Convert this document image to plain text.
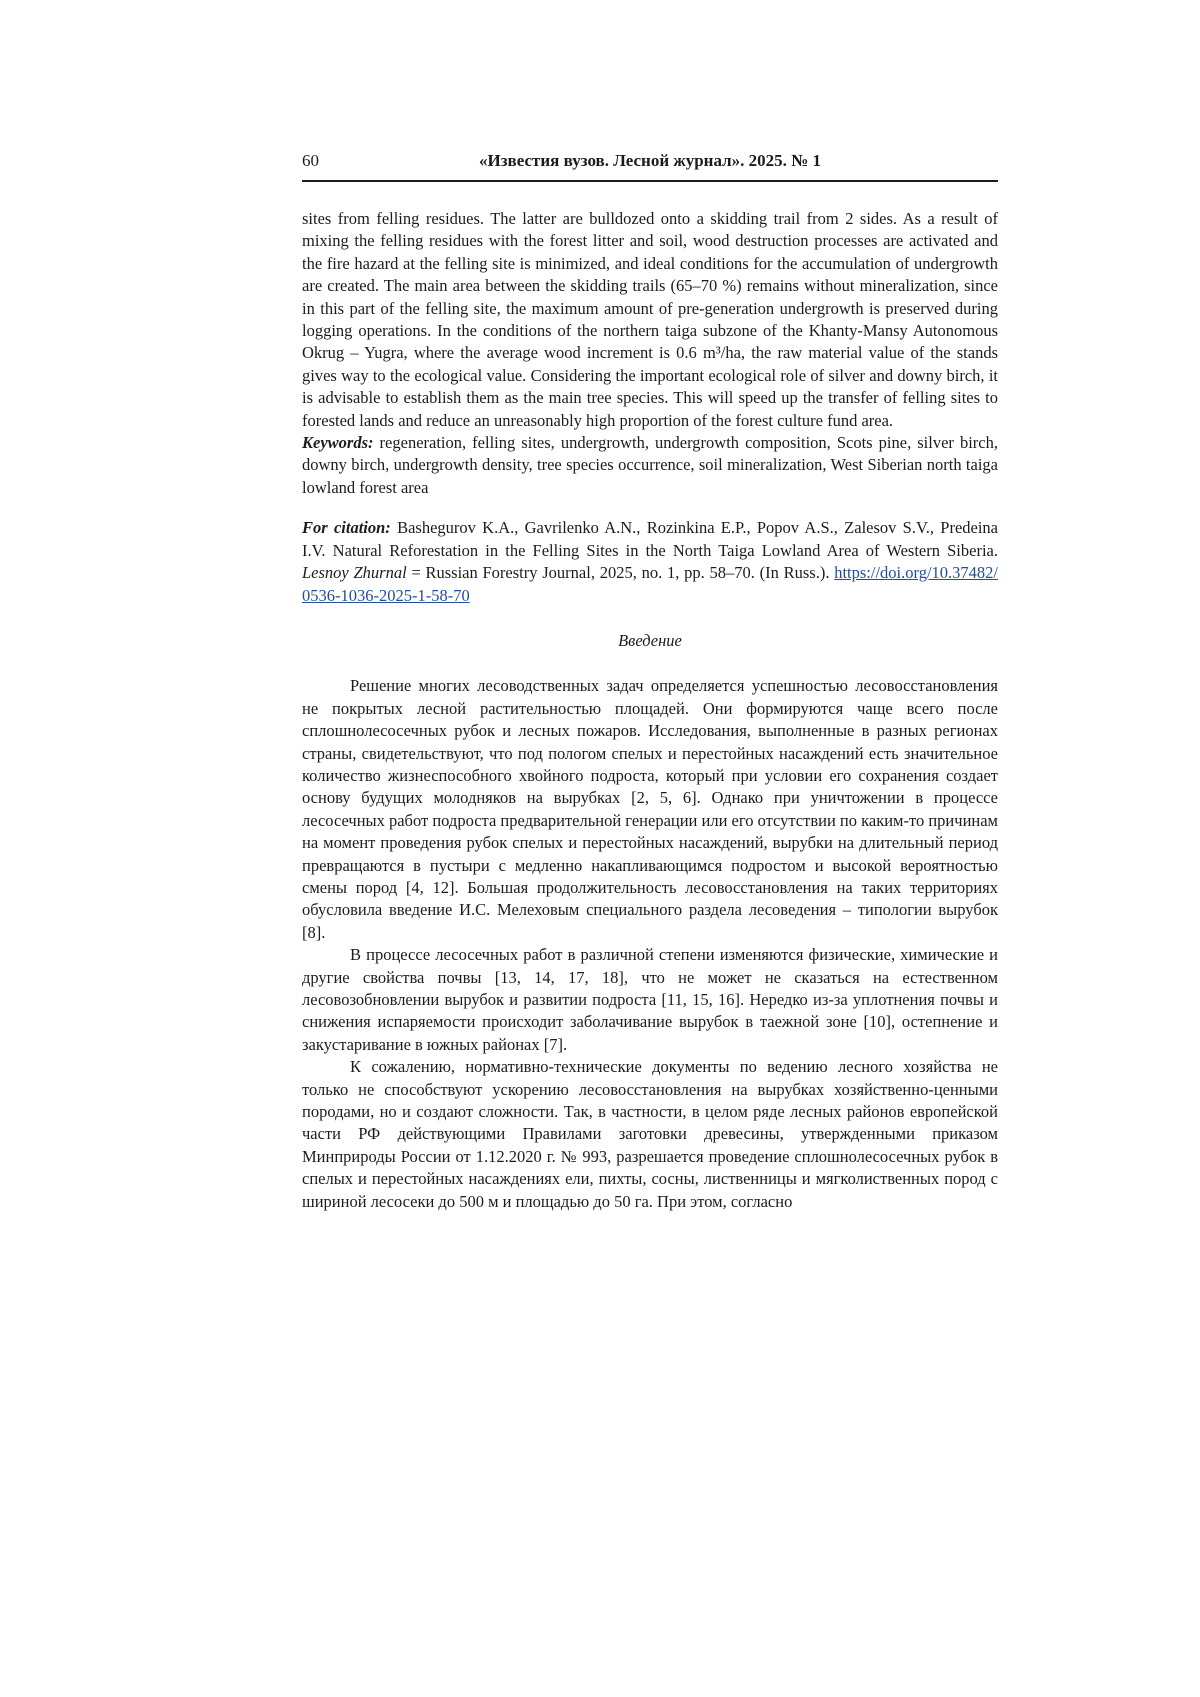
60	«Известия вузов. Лесной журнал». 2025. № 1

sites from felling residues. The latter are bulldozed onto a skidding trail from 2 sides. As a result of mixing the felling residues with the forest litter and soil, wood destruction processes are activated and the fire hazard at the felling site is minimized, and ideal conditions for the accumulation of undergrowth are created. The main area between the skidding trails (65–70 %) remains without mineralization, since in this part of the felling site, the maximum amount of pre-generation undergrowth is preserved during logging operations. In the conditions of the northern taiga subzone of the Khanty-Mansy Autonomous Okrug – Yugra, where the average wood increment is 0.6 m³/ha, the raw material value of the stands gives way to the ecological value. Considering the important ecological role of silver and downy birch, it is advisable to establish them as the main tree species. This will speed up the transfer of felling sites to forested lands and reduce an unreasonably high proportion of the forest culture fund area.

Keywords: regeneration, felling sites, undergrowth, undergrowth composition, Scots pine, silver birch, downy birch, undergrowth density, tree species occurrence, soil mineralization, West Siberian north taiga lowland forest area

For citation: Bashegurov K.A., Gavrilenko A.N., Rozinkina E.P., Popov A.S., Zalesov S.V., Predeina I.V. Natural Reforestation in the Felling Sites in the North Taiga Lowland Area of Western Siberia. Lesnoy Zhurnal = Russian Forestry Journal, 2025, no. 1, pp. 58–70. (In Russ.). https://doi.org/10.37482/0536-1036-2025-1-58-70

Введение

Решение многих лесоводственных задач определяется успешностью лесовосстановления не покрытых лесной растительностью площадей. Они формируются чаще всего после сплошнолесосечных рубок и лесных пожаров. Исследования, выполненные в разных регионах страны, свидетельствуют, что под пологом спелых и перестойных насаждений есть значительное количество жизнеспособного хвойного подроста, который при условии его сохранения создает основу будущих молодняков на вырубках [2, 5, 6]. Однако при уничтожении в процессе лесосечных работ подроста предварительной генерации или его отсутствии по каким-то причинам на момент проведения рубок спелых и перестойных насаждений, вырубки на длительный период превращаются в пустыри с медленно накапливающимся подростом и высокой вероятностью смены пород [4, 12]. Большая продолжительность лесовосстановления на таких территориях обусловила введение И.С. Мелеховым специального раздела лесоведения – типологии вырубок [8].

В процессе лесосечных работ в различной степени изменяются физические, химические и другие свойства почвы [13, 14, 17, 18], что не может не сказаться на естественном лесовозобновлении вырубок и развитии подроста [11, 15, 16]. Нередко из-за уплотнения почвы и снижения испаряемости происходит заболачивание вырубок в таежной зоне [10], остепнение и закустаривание в южных районах [7].

К сожалению, нормативно-технические документы по ведению лесного хозяйства не только не способствуют ускорению лесовосстановления на вырубках хозяйственно-ценными породами, но и создают сложности. Так, в частности, в целом ряде лесных районов европейской части РФ действующими Правилами заготовки древесины, утвержденными приказом Минприроды России от 1.12.2020 г. № 993, разрешается проведение сплошнолесосечных рубок в спелых и перестойных насаждениях ели, пихты, сосны, лиственницы и мягколиственных пород с шириной лесосеки до 500 м и площадью до 50 га. При этом, согласно
